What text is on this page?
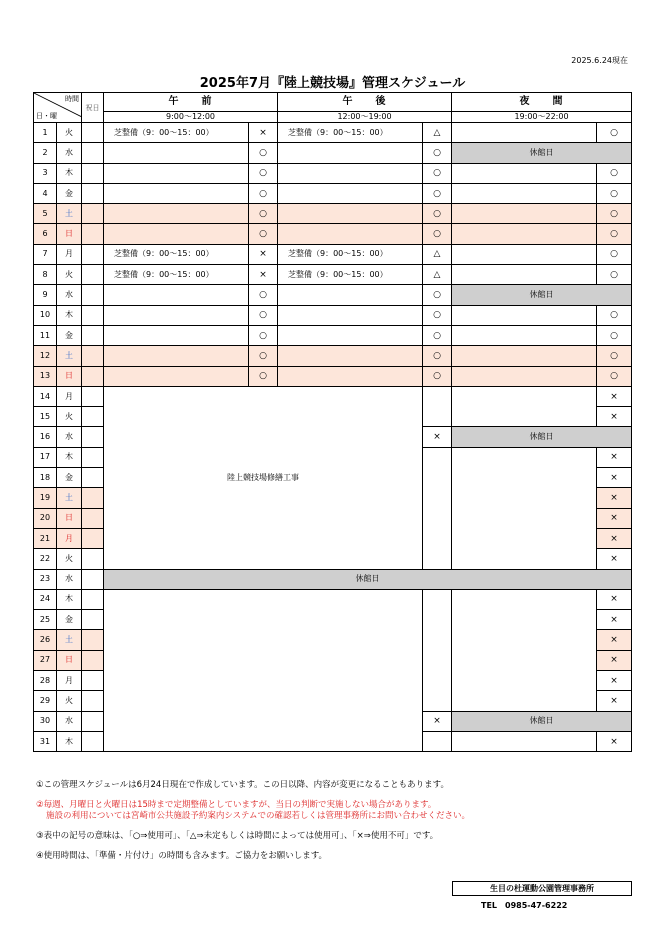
2025.6.24現在
2025年7月『陸上競技場』管理スケジュール
時間
日・曜		祝日	午　　前		午　　後		夜　　間	
			9:00～12:00		12:00～19:00		19:00～22:00	
1	火		芝整備（9：00～15：00）	×	芝整備（9：00～15：00）	△		○
2	水			○		○	休館日	
3	木			○		○		○
4	金			○		○		○
5	土			○		○		○
6	日			○		○		○
7	月		芝整備（9：00～15：00）	×	芝整備（9：00～15：00）	△		○
8	火		芝整備（9：00～15：00）	×	芝整備（9：00～15：00）	△		○
9	水			○		○	休館日	
10	木			○		○		○
11	金			○		○		○
12	土			○		○		○
13	日			○		○		○
14	月		陸上競技場修繕工事					×
15	火							×
16	水					×	休館日	
17	木							×
18	金							×
19	土							×
20	日							×
21	月							×
22	火							×
23	水		休館日					
24	木							×
25	金							×
26	土							×
27	日							×
28	月							×
29	火							×
30	水					×	休館日	
31	木							×
①この管理スケジュールは6月24日現在で作成しています。この日以降、内容が変更になることもあります。
②毎週、月曜日と火曜日は15時まで定期整備としていますが、当日の判断で実施しない場合があります。
施設の利用については宮崎市公共施設予約案内システムでの確認若しくは管理事務所にお問い合わせください。
③表中の記号の意味は、「○⇒使用可」、「△⇒未定もしくは時間によっては使用可」、「×⇒使用不可」です。
④使用時間は、「準備・片付け」の時間も含みます。ご協力をお願いします。
生目の杜運動公園管理事務所
TEL　0985-47-6222
